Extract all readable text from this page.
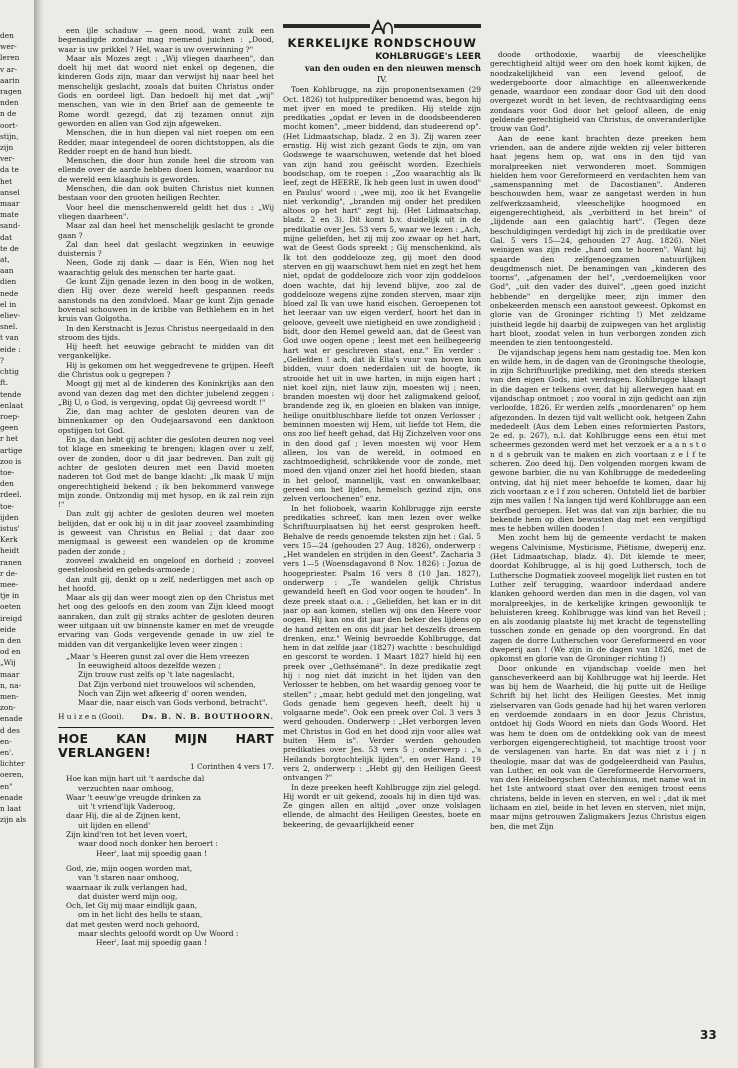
den
wer-
leren
v ar-
aarin
ragen
nden
n de
oort-
stijn,
zijn
ver-
da te
het
ansel
maar
mate
sand-
dat
te de
at,
aan
dien
nede
el in
eliev-
snel.
t van
eide :
?
chtig
ft.
tende
enlaat
roep-
geen
r het
artige
zoo is
toe-
den
rdeel.
toe-
ijden
istus'
Kerk
heidt
ranen
r de-
mee-
tje in
oeten
ireigd
eide
n den
od en
„Wij
maar
n, na-
men-
zon-
enade
d des
en-
en'.
lichter
oeren,
en"
enade
n laat
zijn als

een ijle schaduw — geen nood, want zulk een begenadigde zondaar mag roemend juichen : „Dood, waar is uw prikkel ? Hel, waar is uw overwinning ?"

Maar als Mozes zegt : „Wij vliegen daarheen", dan doelt hij met dat woord niet enkel op degenen, die kinderen Gods zijn, maar dan verwijst hij naar heel het menschelijk geslacht, zooals dat buiten Christus onder Gods en oordeel ligt. Dan bedoelt hij met dat „wij" menschen, van wie in den Brief aan de gemeente te Rome wordt gezegd, dat zij tezamen onnut zijn geworden en allen van God zijn afgeweken.

Menschen, die in hun diepen val niet roepen om een Redder, maar integendeel de ooren dichtstoppen, als die Redder roept en de hand hun biedt.

Menschen, die door hun zonde heel die stroom van ellende over de aarde hebben doen komen, waardoor nu de wereld een klaaghuis is geworden.

Menschen, die dan ook buiten Christus niet kunnen bestaan voor den grooten heiligen Rechter.

Voor heel die menschenwereld geldt het dus : „Wij vliegen daarheen".

Maar zal dan heel het menschelijk geslacht te gronde gaan ?

Zal dan heel dat geslacht wegzinken in eeuwige duisternis ?

Neen, Gode zij dank — daar is Eén, Wien nog het waarachtig geluk des menschen ter harte gaat.

Ge kunt Zijn genade lezen in den boog in de wolken, dien Hij over deze wereld heeft gespannen reeds aanstonds na den zondvloed. Maar ge kunt Zijn genade bovenal schouwen in de kribbe van Bethlehem en in het kruis van Golgotha.

In den Kerstnacht is Jezus Christus neergedaald in den stroom des tijds.

Hij heeft het eeuwige gebracht te midden van dit vergankelijke.

Hij is gekomen om het weggedrevene te grijpen. Heeft die Christus ook u gegrepen ?

Moogt gij met al de kinderen des Koninkrijks aan den avond van dezen dag met den dichter jubelend zeggen : „Bij U, o God, is vergeving, opdat Gij gevreesd wordt !"

Zie, dan mag achter de gesloten deuren van de binnenkamer op den Oudejaarsavond een danktoon opstijgen tot God.

En ja, dan hebt gij achter die gesloten deuren nog veel tot klage en smeeking te brengen; klagen over u zelf, over de zonden, door u dit jaar bedreven. Dan zult gij achter de gesloten deuren met een David moeten naderen tot God met de bange klacht: „Ik maak U mijn ongerechtigheid bekend ; ik ben bekommerd vanwege mijn zonde. Ontzondig mij met hysop, en ik zal rein zijn !"

Dan zult gij achter de gesloten deuren wel moeten belijden, dat er ook bij u in dit jaar zooveel zaambinding is geweest van Christus en Belial ; dat daar zoo menigmaal is geweest een wandelen op de kromme paden der zonde ;

zooveel zwakheid en ongeloof en dorheid ; zooveel geesteloosheid en gebeds-armoede ;

dan zult gij, denkt op u zelf, nederliggen met asch op het hoofd.

Maar als gij dan weer moogt zien op den Christus met het oog des geloofs en den zoom van Zijn kleed moogt aanraken, dan zult gij straks achter de gesloten deuren weer uitgaan uit uw binnenste kamer en met de vreugde ervaring van Gods vergevende genade in uw ziel te midden van dit vergankelijke leven weer zingen :

„Maar 's Heeren gunst zal over die Hem vreezen
In eeuwigheid altoos dezelfde wezen ;
Zijn trouw rust zelfs op 't late nageslacht,
Dat Zijn verbond niet trouweloos wil schenden,
Noch van Zijn wet afkeerig d' ooren wenden,
Maar die, naar eisch van Gods verbond, betracht".
H u i z e n (Gooi). Ds. B. N. B. BOUTHOORN.
HOE KAN MIJN HART VERLANGEN!
1 Corinthen 4 vers 17.
Hoe kan mijn hart uit 't aardsche dal
verzuchten naar omhoog,
Waar 't eeuw'ge vreugde drinken za
uit 't vriend'lijk Vaderoog,
daar Hij, die al de Zijnen kent,
uit lijden en ellend'
Zijn kind'ren tot het leven voert,
waar dood noch donker hen beroert :
Heer', laat mij spoedig gaan !
God, zie, mijn oogen worden mat,
van 't staren naar omhoog,
waarnaar ik zulk verlangen had,
dat duister werd mijn oog,
Och, let Gij mij maar eindlijk gaan,
om in het licht des hells te staan,
dat met gesten werd noch gehoord,
maar slechts geloofd wordt op Uw Woord :
Heer', laat mij spoedig gaan !
KERKELIJKE RONDSCHOUW
KOHLBRUGGE's LEER
van den ouden en den nieuwen mensch
IV.

Toen Kohlbrugge, na zijn proponentsexamen (29 Oct. 1826) tot hulpprediker benoemd was, begon hij met ijver en moed te prediken. Hij stelde zijn predikaties „opdat er leven in de doodsbeenderen mocht komen", „meer biddend, dan studeerend op". (Het Lidmaatschap, bladz. 2 en 3). Zij waren zeer ernstig. Hij wist zich gezant Gods te zijn, om van Godswege te waarschuwen, wetende dat het bloed van zijn hand zou geëischt worden. Ezechiels boodschap, om te roepen : „Zoo waarachtig als Ik leef, zegt de HEERE, Ik heb geen lust in uwen dood" en Paulus' woord : „wee mij, zoo ik het Evangelie niet verkondig", „branden mij onder het prediken altoos op het hart" zegt hij. (Het Lidmaatschap, bladz. 2 en 3). Dit komt b.v. duidelijk uit in de predikatie over Jes. 53 vers 5, waar we lezen : „Ach, mijne geliefden, het zij mij zoo zwaar op het hart, wat de Geest Gods spreekt ; Gij menschenkind, als Ik tot den goddelooze zeg, gij moet den dood sterven en gij waarschuwt hem niet en zegt het hem niet, opdat de goddelooze zich voor zijn goddeloos doen wachte, dat hij levend blijve, zoo zal de goddelooze wegens zijne zonden sterven, maar zijn bloed zal Ik van uwe hand eischen. Geroepenen tot het leeraar van uw eigen verderf, hoort het dan in geloove, geveelt uwe nietigheid en uwe zondigheid ; bidt, door den Hemel geweld aan, dat de Geest van God uwe oogen opene ; leest met een heilbegeerig hart wat er geschreven staat, enz." En verder : „Geliefden ! ach, dat ik Elia's vuur van boven kon bidden, vuur doen nederdalen uit de hoogte, ik strooide het uit in uwe harten, in mijn eigen hart ; niet koel zijn, niet lauw zijn, moesten wij ; neen, branden moesten wij door het zaligmakend geloof, brandende zeg ik, en gloeien en blaken van innige, heilige onuitbluschbare liefde tot onzen Verlosser ; beminnen moesten wij Hem, uit liefde tot Hem, die ons zoo lief heeft gehad, dat Hij Zichzelven voor ons in den dood gaf ; leven moesten wij voor Hem alleen, los van de wereld, in ootmoed en zachtmoedigheid, schrikkende voor de zonde, met moed den vijand onzer ziel het hoofd bieden, staan in het geloof, mannelijk, vast en onwankelbaar, gereed om het lijden, hemelsch gezind zijn, ons zelven verloochenen" enz.

In het folioboek, waarin Kohlbrugge zijn eerste predikaties schreef, kan men lezen over welke Schriftuurplaatsen hij het eerst gesproken heeft. Behalve de reeds genoemde teksten zijn het : Gal. 5 vers 15—24 (gehouden 27 Aug. 1826), onderwerp : „Het wandelen en strijden in den Geest". Zacharia 3 vers 1—5 (Woensdagavond 8 Nov. 1826) : Jozua de hoogepriester. Psalm 16 vers 8 (10 Jan. 1827), onderwerp : „Te wandelen gelijk Christus gewandeld heeft en God voor oogen te houden". In deze preek staat o.a. : „Geliefden, het kan er in dit jaar op aan komen, stellen wij ons den Heere voor oogen. Hij kan ons dit jaar den beker des lijdens op de hand zetten en ons dit jaar het deszelfs droesem drenken, enz." Weinig bevroedde Kohlbrugge, dat hem in dat zelfde jaar (1827) wachtte : beschuldigd en gescorst te worden. 1 Maart 1827 hield hij een preek over „Gethsémané". In deze predikatie zegt hij : nog niet dát inzicht in het lijden van den Verlosser te hebben, om het waardig genoeg voor te stellen" ; „maar, hebt geduld met den jongeling, wat Gods genade hem gegeven heeft, deelt hij u volgaarne mede". Ook een preek over Col. 3 vers 3 werd gehouden. Onderwerp : „Het verborgen leven met Christus in God en het dood zijn voor alles wat buiten Hem is". Verder werden gehouden predikaties over Jes. 53 vers 5 ; onderwerp : „'s Heilands borgtochtelijk lijden", en over Hand. 19 vers 2, onderwerp : „Hebt gij den Heiligen Geest ontvangen ?"

In deze preeken heeft Kohlbrugge zijn ziel gelegd. Hij wordt er uit gekend, zooals hij in dien tijd was. Ze gingen allen en altijd „over onze volslagen ellende, de almacht des Heiligen Geestes, boete en bekeering, de gevaarlijkheid eener

doode orthodoxie, waarbij de vleeschelijke gerechtigheid altijd weer om den hoek komt kijken, de noodzakelijkheid van een levend geloof, de wedergeboorte door almachtige en alleenwerkende genade, waardoor een zondaar door God uit den dood overgezet wordt in het leven, de rechtvaardiging eens zondaars voor God door het geloof alleen, de enig geldende gerechtigheid van Christus, de onveranderlijke trouw van God".

Aan de eene kant brachten deze preeken hem vrienden, aan de andere zijde wekten zij veler bitteren haat jegens hem op, wat ons in den tijd van moralpreeken niet verwonderen moet. Sommigen hielden hem voor Gereformeerd en verdachten hem van „samenspanning met de Dacostianen". Anderen beschouwden hem, waar ze aangetast werden in hun zelfwerkzaamheid, vleeschelijke hoogmoed en eigengerechtigheid, als „verbitterd in het brein" of „lijdende aan een galachtig hart". (Tegen deze beschuldigingen verdedigt hij zich in de predikatie over Gal. 5 vers 15—24, gehouden 27 Aug. 1826). Niet weinigen was zijn rede „hard om te hooren". Want hij spaarde den zelfgenoegzamen natuurlijken deugdmensch niet. De benamingen van „kinderen des toorns", „afgenamen der hel", „verdoemelijken voor God", „uit den vader des duivel", „geen goed inzicht hebbende" en dergelijke meer, zijn immer den onbekeerden mensch een aanstoot geweest. Opkomst en glorie van de Groninger richting !) Met zeldzame juistheid legde hij daarbij de zuipwegen van het arglistig hart bloot, zoodat velen in hun verborgen zonden zich meenden te zien tentoongesteld.

De vijandschap jegens hem nam gestadig toe. Men kon en wilde hem, in de dagen van de Groningsche theologie, in zijn Schriftuurlijke prediking, met den steeds sterken van den eigen Gods, niet verdragen. Kohlbrugge klaagt in die dagen er telkens over, dat hij allerwegen haat en vijandschap ontmoet ; zoo vooral in zijn gedicht aan zijn verloofde, 1826. Er werden zelfs „moordenaren" op hem afgezonden. In dezen tijd valt wellicht ook, hetgeen Zahn mededeelt (Aus dem Leben eines reformierten Pastors, 2e ed. p. 267), n.l. dat Kohlbrugge eens een étui met scheermes gezonden werd met het verzoek er a a n s t o n d s gebruik van te maken en zich voortaan z e l f te scheren. Zoo deed hij. Den volgenden morgen kwam de gewone barbier, die nu van Kohlbrugge de mededeeling ontving, dat hij niet meer behoefde te komen, daar hij zich voortaan z e l f zou scheren. Ontsteld liet de barbier zijn mes vallen ! Na langen tijd werd Kohlbrugge aan een sterfbed geroepen. Het was dat van zijn barbier, die nu bekende hem op dien bewusten dag met een vergiftigd mes te hebben willen dooden !

Men zocht hem bij de gemeente verdacht te maken wegens Calvinisme, Mysticisme, Piëtisme, dweperij enz. (Het Lidmaatschap, bladz. 4). Dit klemde te meer, doordat Kohlbrugge, al is hij goed Luthersch, toch de Luthersche Dogmatiek zooveel mogelijk liet rusten en tot Luther zelf terugging, waardoor inderdaad andere klanken gehoord werden dan men in die dagen, vol van moralpreekjes, in de kerkelijke kringen gewoonlijk te beluisteren kreeg. Kohlbrugge was kind van het Reveil ; en als zoodanig plaatste hij met kracht de tegenstelling tusschen zonde en genade op den voorgrond. En dat zagen de dorre Lutherschen voor Gereformeerd en voor dweperij aan ! (We zijn in de dagen van 1826, met de opkomst en glorie van de Groninger richting !)

Door onkunde en vijandschap voelde men het ganscheverkeerd aan bij Kohlbrugge wat hij leerde. Het was bij hem de Waarheid, die hij putte uit de Heilige Schrift bij het licht des Heiligen Geestes. Met innig zielservaren van Gods genade had hij het waren verloren en verdoemde zondaars in en door Jezus Christus, ontdoet hij Gods Woord en niets dan Gods Woord. Het was hem te doen om de ontdekking ook van de meest verborgen eigengerechtigheid, tot machtige troost voor de verslagenen van harte. En dat was niet z i j n theologie, maar dat was de godgeleerdheid van Paulus, van Luther, en ook van de Gereformeerde Hervormers, van den Heidelbergschen Catechismus, met name wat in het 1ste antwoord staat over den eenigen troost eens christens, belde in leven en sterven, en wel : „dat ik met lichaam en ziel, beide in het leven en sterven, niet mijn, maar mijns getrouwen Zaligmakers Jezus Christus eigen ben, die met Zijn

33
